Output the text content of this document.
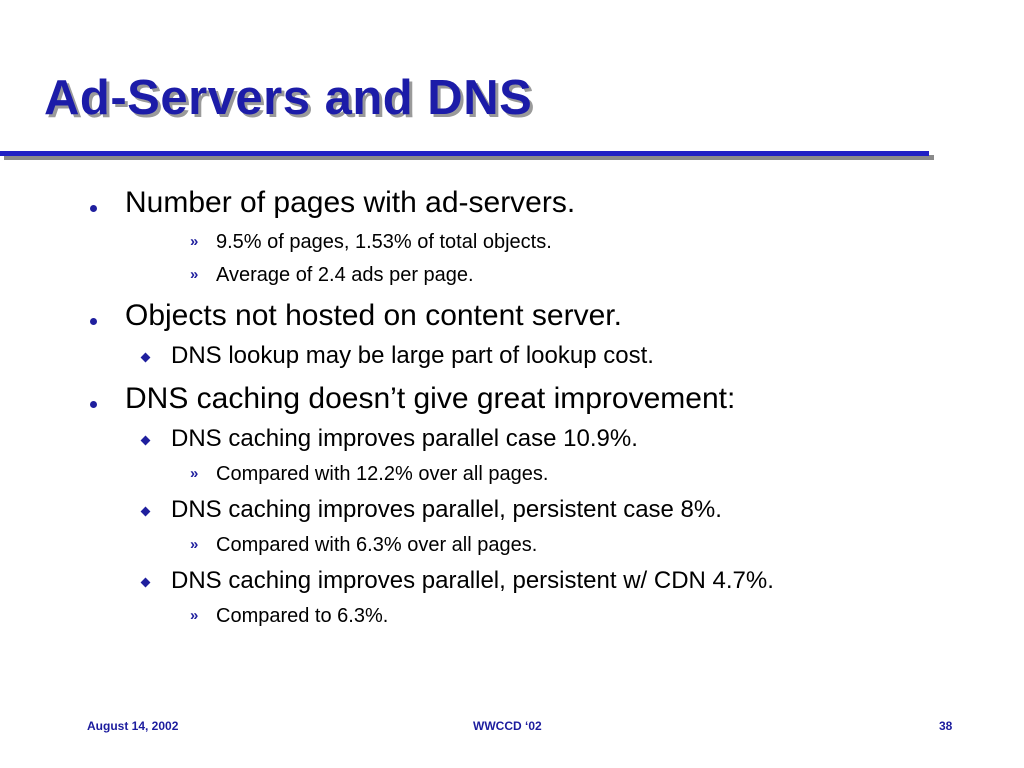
Ad-Servers and DNS
Number of pages with ad-servers.
» 9.5% of pages, 1.53% of total objects.
» Average of 2.4 ads per page.
Objects not hosted on content server.
DNS lookup may be large part of lookup cost.
DNS caching doesn’t give great improvement:
DNS caching improves parallel case 10.9%.
» Compared with 12.2% over all pages.
DNS caching improves parallel, persistent case 8%.
» Compared with 6.3% over all pages.
DNS caching improves parallel, persistent w/ CDN 4.7%.
» Compared to 6.3%.
August 14, 2002	WWCCD ‘02	38
